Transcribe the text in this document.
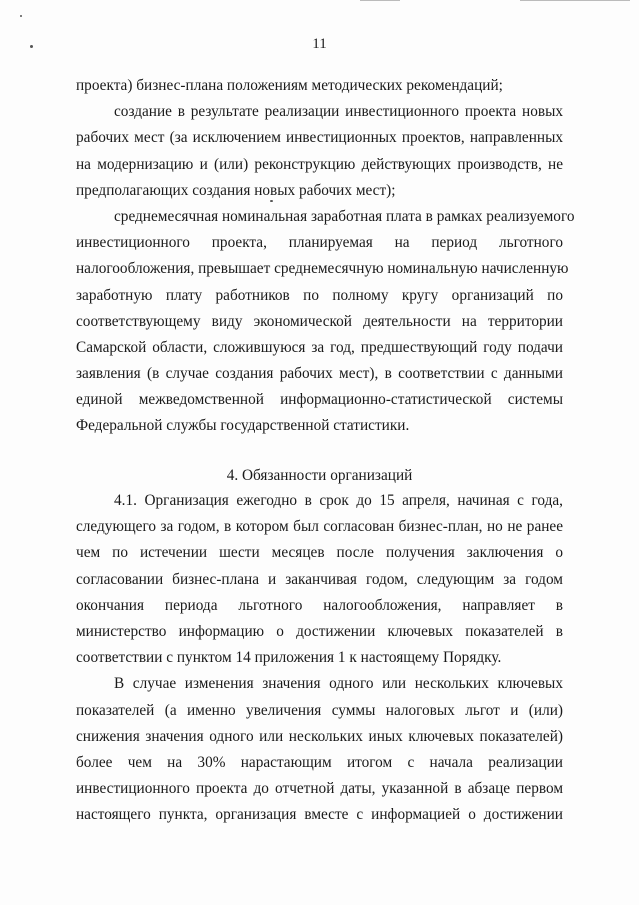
11
проекта) бизнес-плана положениям методических рекомендаций;
создание в результате реализации инвестиционного проекта новых
рабочих мест (за исключением инвестиционных проектов, направленных
на модернизацию и (или) реконструкцию действующих производств, не
предполагающих создания новых рабочих мест);
среднемесячная номинальная заработная плата в рамках реализуемого
инвестиционного проекта, планируемая на период льготного
налогообложения, превышает среднемесячную номинальную начисленную
заработную плату работников по полному кругу организаций по
соответствующему виду экономической деятельности на территории
Самарской области, сложившуюся за год, предшествующий году подачи
заявления (в случае создания рабочих мест), в соответствии с данными
единой межведомственной информационно-статистической системы
Федеральной службы государственной статистики.
4. Обязанности организаций
4.1. Организация ежегодно в срок до 15 апреля, начиная с года,
следующего за годом, в котором был согласован бизнес-план, но не ранее
чем по истечении шести месяцев после получения заключения о
согласовании бизнес-плана и заканчивая годом, следующим за годом
окончания периода льготного налогообложения, направляет в
министерство информацию о достижении ключевых показателей в
соответствии с пунктом 14 приложения 1 к настоящему Порядку.
В случае изменения значения одного или нескольких ключевых
показателей (а именно увеличения суммы налоговых льгот и (или)
снижения значения одного или нескольких иных ключевых показателей)
более чем на 30% нарастающим итогом с начала реализации
инвестиционного проекта до отчетной даты, указанной в абзаце первом
настоящего пункта, организация вместе с информацией о достижении
